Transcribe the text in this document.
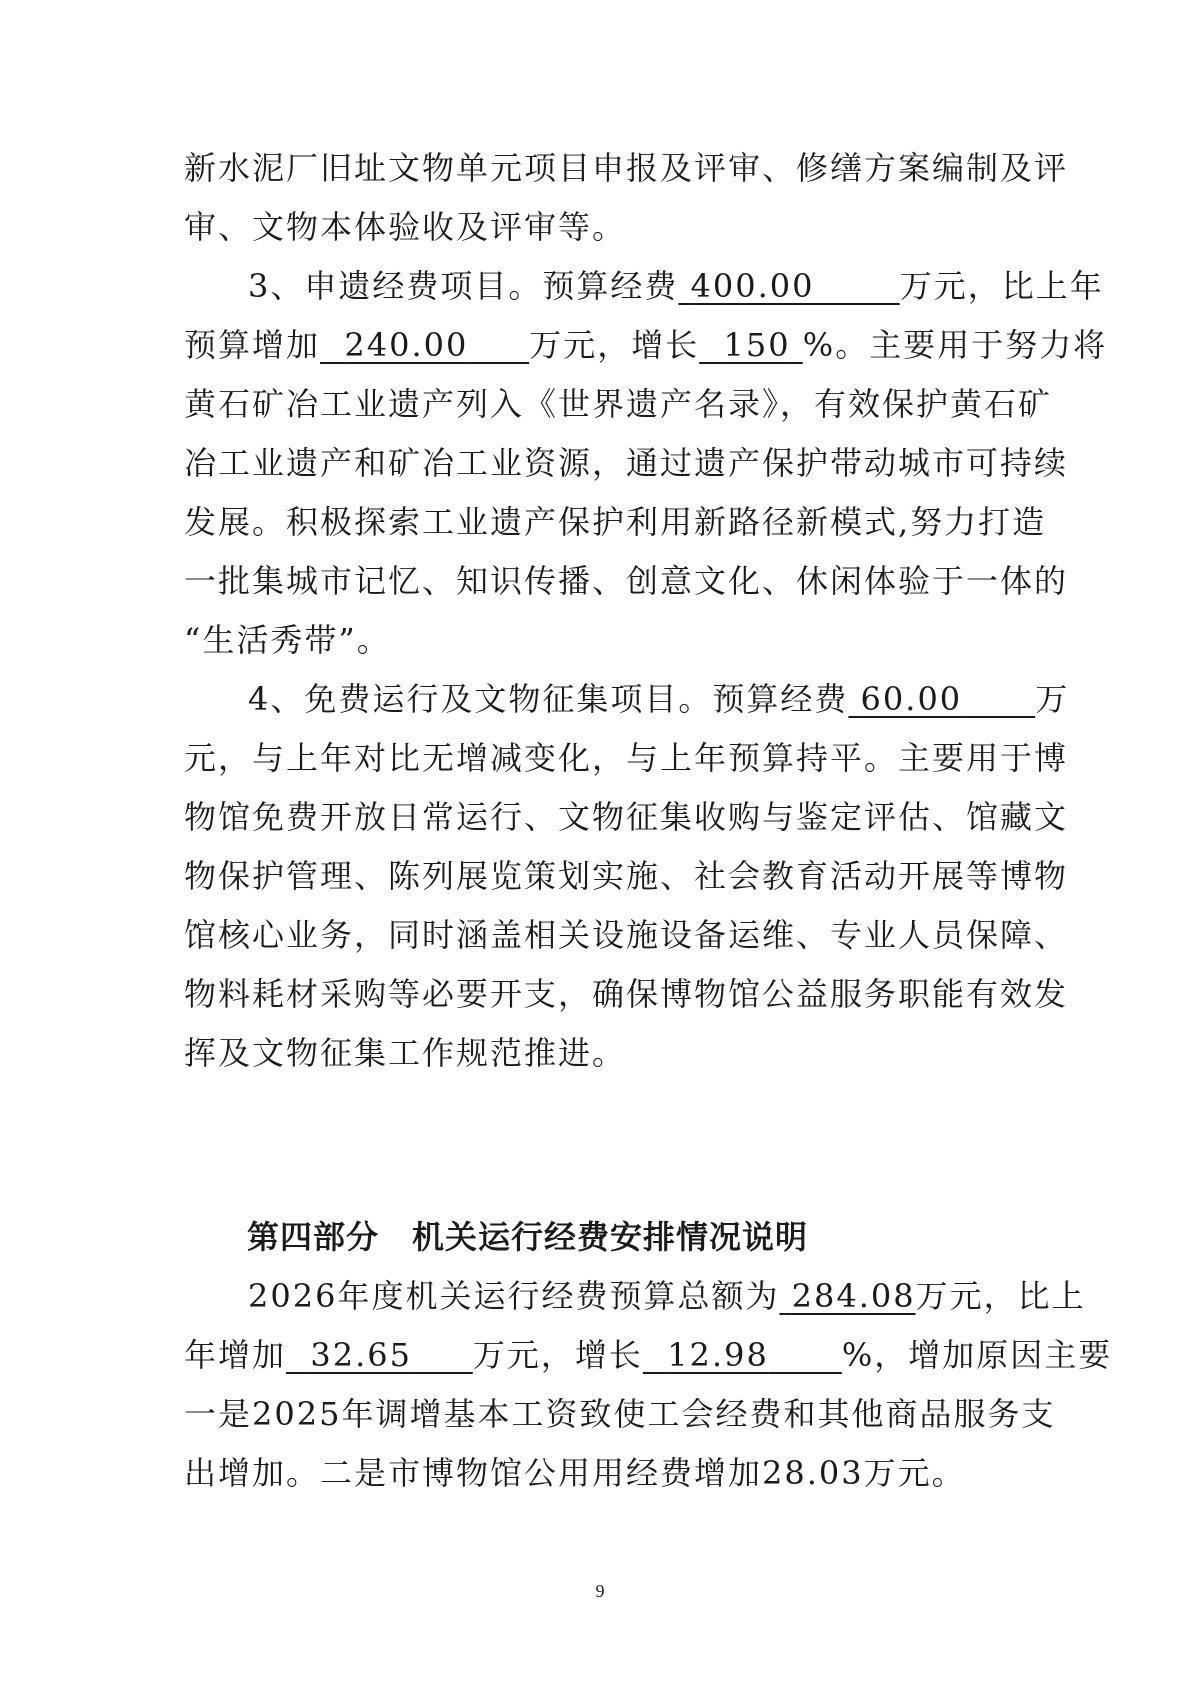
新水泥厂旧址文物单元项目申报及评审、修缮方案编制及评
审、文物本体验收及评审等。
3、申遗经费项目。预算经费 400.00	万元，比上年
预算增加 240.00 万元，增长 150 %。主要用于努力将
黄石矿冶工业遗产列入《世界遗产名录》，有效保护黄石矿
冶工业遗产和矿冶工业资源，通过遗产保护带动城市可持续
发展。积极探索工业遗产保护利用新路径新模式,努力打造
一批集城市记忆、知识传播、创意文化、休闲体验于一体的
“生活秀带”。
4、免费运行及文物征集项目。预算经费 60.00 万
元，与上年对比无增减变化，与上年预算持平。主要用于博
物馆免费开放日常运行、文物征集收购与鉴定评估、馆藏文
物保护管理、陈列展览策划实施、社会教育活动开展等博物
馆核心业务，同时涵盖相关设施设备运维、专业人员保障、
物料耗材采购等必要开支，确保博物馆公益服务职能有效发
挥及文物征集工作规范推进。
第四部分　机关运行经费安排情况说明
2026年度机关运行经费预算总额为 284.08万元，比上
年增加 32.65 万元，增长 12.98 %，增加原因主要
一是2025年调增基本工资致使工会经费和其他商品服务支
出增加。二是市博物馆公用用经费增加28.03万元。
9
